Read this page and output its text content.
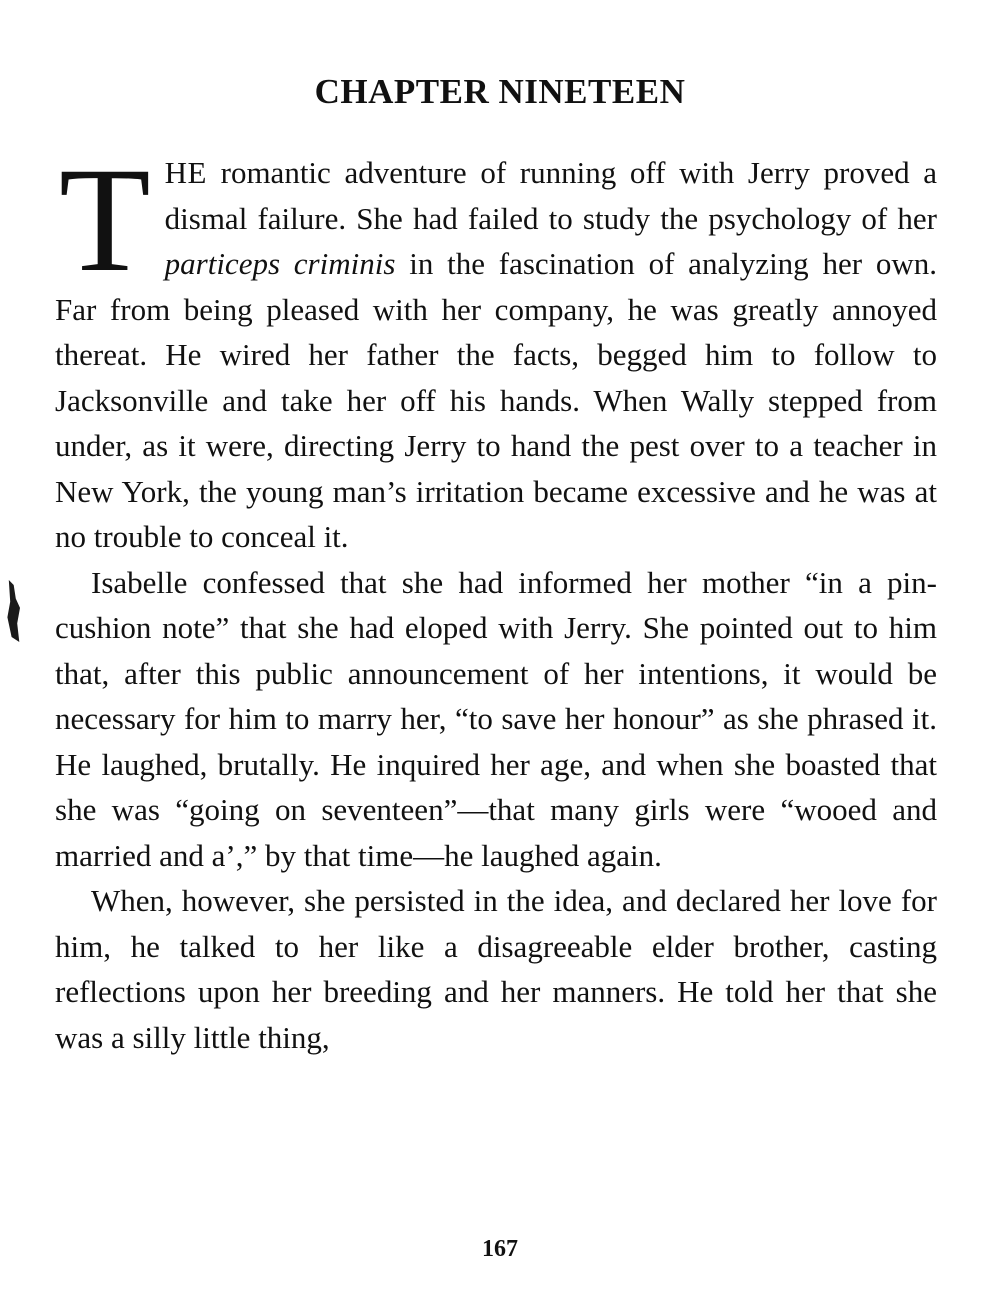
CHAPTER NINETEEN

THE romantic adventure of running off with Jerry proved a dismal failure. She had failed to study the psychology of her particeps criminis in the fascination of analyzing her own. Far from being pleased with her company, he was greatly annoyed thereat. He wired her father the facts, begged him to follow to Jacksonville and take her off his hands. When Wally stepped from under, as it were, directing Jerry to hand the pest over to a teacher in New York, the young man’s irritation became excessive and he was at no trouble to conceal it.

Isabelle confessed that she had informed her mother “in a pin-cushion note” that she had eloped with Jerry. She pointed out to him that, after this public announcement of her intentions, it would be necessary for him to marry her, “to save her honour” as she phrased it. He laughed, brutally. He inquired her age, and when she boasted that she was “going on seventeen”—that many girls were “wooed and married and a’,” by that time—he laughed again.

When, however, she persisted in the idea, and declared her love for him, he talked to her like a disagreeable elder brother, casting reflections upon her breeding and her manners. He told her that she was a silly little thing,

167
